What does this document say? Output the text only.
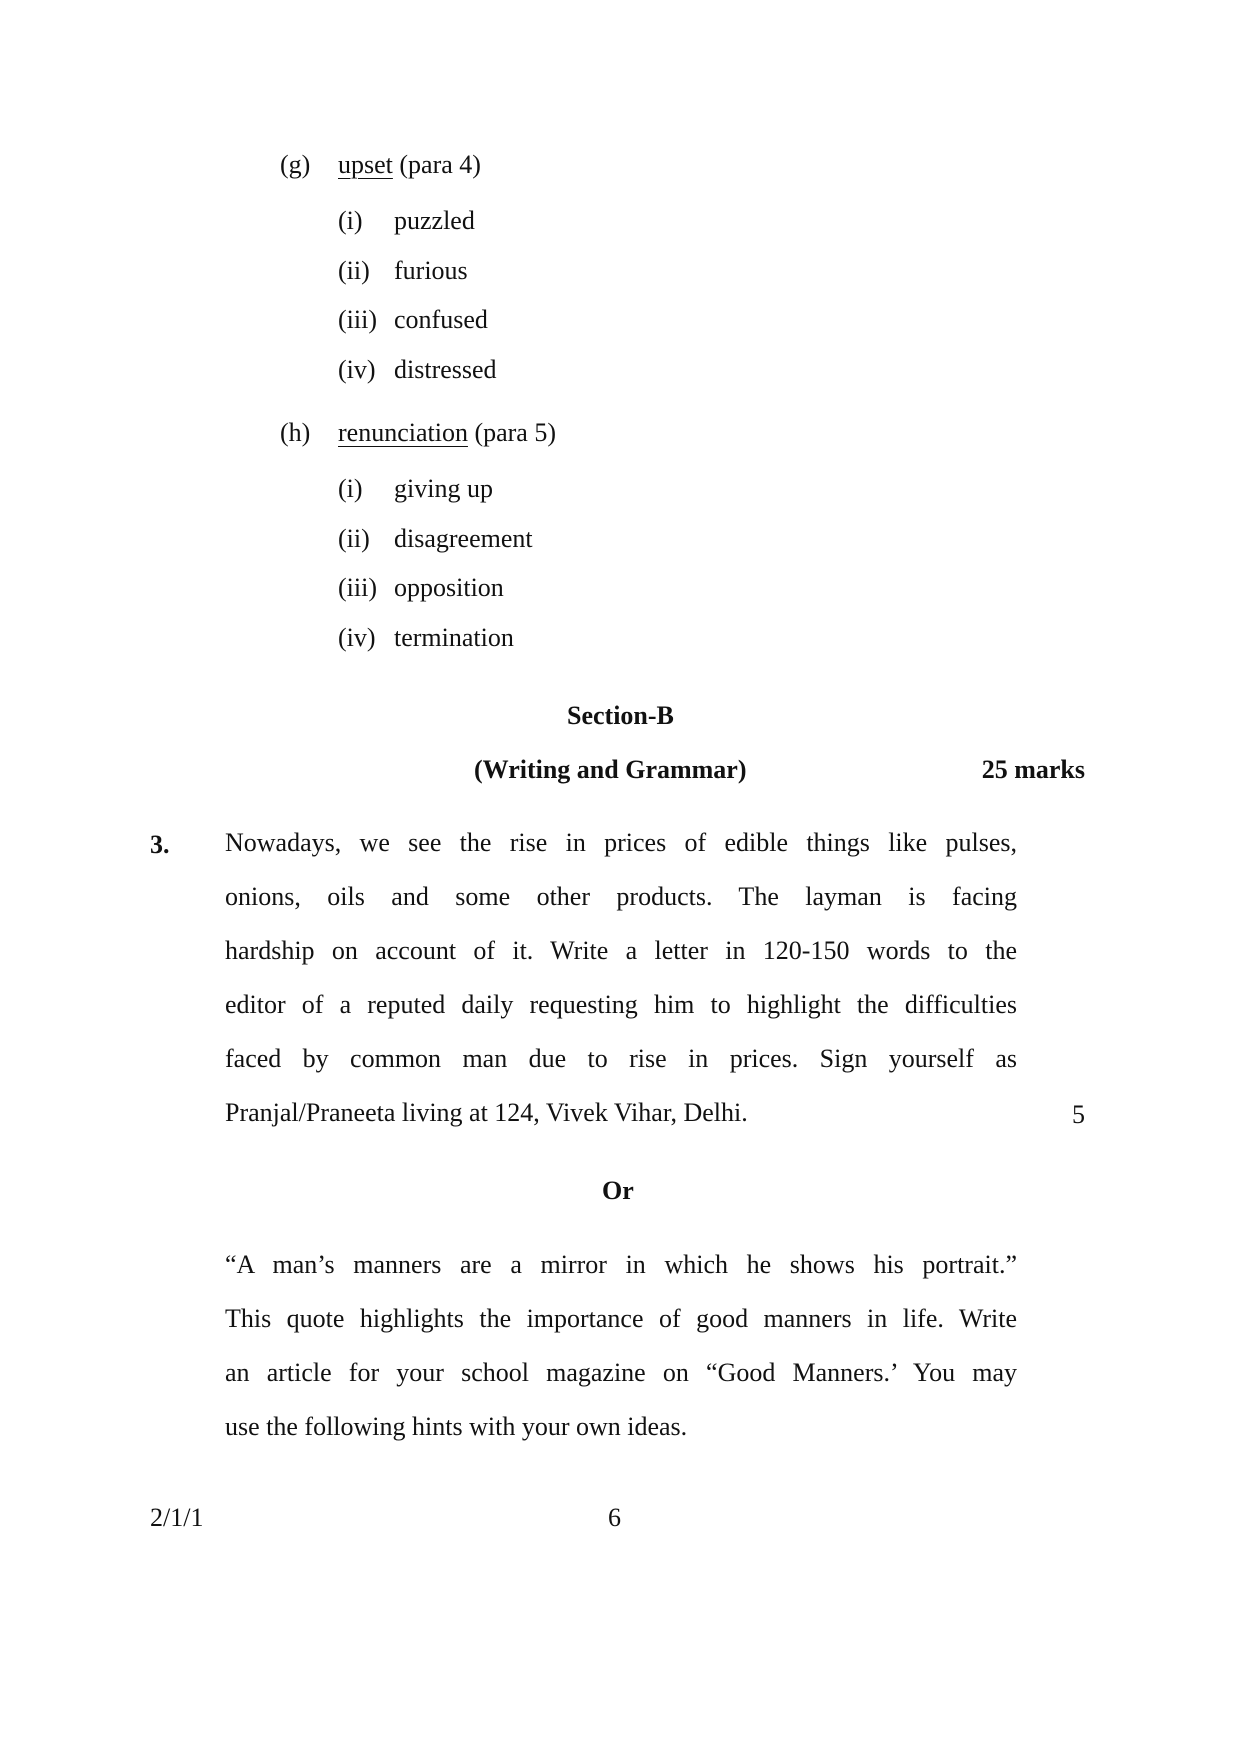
(g) upset (para 4)
(i) puzzled
(ii) furious
(iii) confused
(iv) distressed
(h) renunciation (para 5)
(i) giving up
(ii) disagreement
(iii) opposition
(iv) termination
Section-B
(Writing and Grammar)	25 marks
3. Nowadays, we see the rise in prices of edible things like pulses,
onions, oils and some other products. The layman is facing
hardship on account of it. Write a letter in 120-150 words to the
editor of a reputed daily requesting him to highlight the difficulties
faced by common man due to rise in prices. Sign yourself as
Pranjal/Praneeta living at 124, Vivek Vihar, Delhi.	5
Or
“A man’s manners are a mirror in which he shows his portrait.”
This quote highlights the importance of good manners in life. Write
an article for your school magazine on “Good Manners.’ You may
use the following hints with your own ideas.
2/1/1	6
